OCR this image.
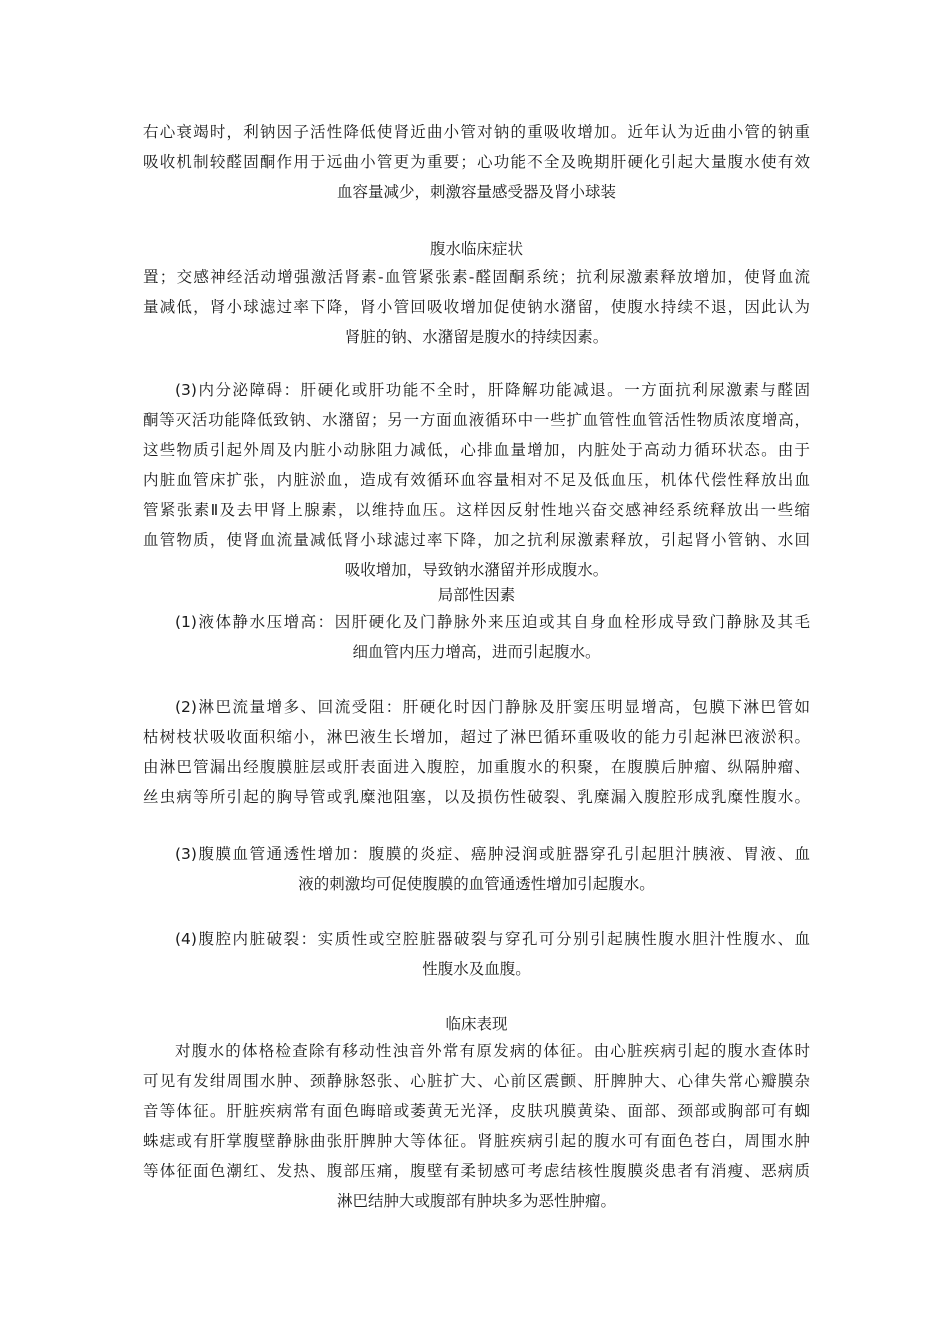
右心衰竭时，利钠因子活性降低使肾近曲小管对钠的重吸收增加。近年认为近曲小管的钠重
吸收机制较醛固酮作用于远曲小管更为重要；心功能不全及晚期肝硬化引起大量腹水使有效
血容量减少，刺激容量感受器及肾小球装
腹水临床症状
置；交感神经活动增强激活肾素-血管紧张素-醛固酮系统；抗利尿激素释放增加，使肾血流
量减低，肾小球滤过率下降，肾小管回吸收增加促使钠水潴留，使腹水持续不退，因此认为
肾脏的钠、水潴留是腹水的持续因素。
(3)内分泌障碍：肝硬化或肝功能不全时，肝降解功能减退。一方面抗利尿激素与醛固
酮等灭活功能降低致钠、水潴留；另一方面血液循环中一些扩血管性血管活性物质浓度增高，
这些物质引起外周及内脏小动脉阻力减低，心排血量增加，内脏处于高动力循环状态。由于
内脏血管床扩张，内脏淤血，造成有效循环血容量相对不足及低血压，机体代偿性释放出血
管紧张素Ⅱ及去甲肾上腺素，以维持血压。这样因反射性地兴奋交感神经系统释放出一些缩
血管物质，使肾血流量减低肾小球滤过率下降，加之抗利尿激素释放，引起肾小管钠、水回
吸收增加，导致钠水潴留并形成腹水。
局部性因素
(1)液体静水压增高：因肝硬化及门静脉外来压迫或其自身血栓形成导致门静脉及其毛
细血管内压力增高，进而引起腹水。
(2)淋巴流量增多、回流受阻：肝硬化时因门静脉及肝窦压明显增高，包膜下淋巴管如
枯树枝状吸收面积缩小，淋巴液生长增加，超过了淋巴循环重吸收的能力引起淋巴液淤积。
由淋巴管漏出经腹膜脏层或肝表面进入腹腔，加重腹水的积聚，在腹膜后肿瘤、纵隔肿瘤、
丝虫病等所引起的胸导管或乳糜池阻塞，以及损伤性破裂、乳糜漏入腹腔形成乳糜性腹水。
(3)腹膜血管通透性增加：腹膜的炎症、癌肿浸润或脏器穿孔引起胆汁胰液、胃液、血
液的刺激均可促使腹膜的血管通透性增加引起腹水。
(4)腹腔内脏破裂：实质性或空腔脏器破裂与穿孔可分别引起胰性腹水胆汁性腹水、血
性腹水及血腹。
临床表现
对腹水的体格检查除有移动性浊音外常有原发病的体征。由心脏疾病引起的腹水查体时
可见有发绀周围水肿、颈静脉怒张、心脏扩大、心前区震颤、肝脾肿大、心律失常心瓣膜杂
音等体征。肝脏疾病常有面色晦暗或萎黄无光泽，皮肤巩膜黄染、面部、颈部或胸部可有蜘
蛛痣或有肝掌腹壁静脉曲张肝脾肿大等体征。肾脏疾病引起的腹水可有面色苍白，周围水肿
等体征面色潮红、发热、腹部压痛，腹壁有柔韧感可考虑结核性腹膜炎患者有消瘦、恶病质
淋巴结肿大或腹部有肿块多为恶性肿瘤。
